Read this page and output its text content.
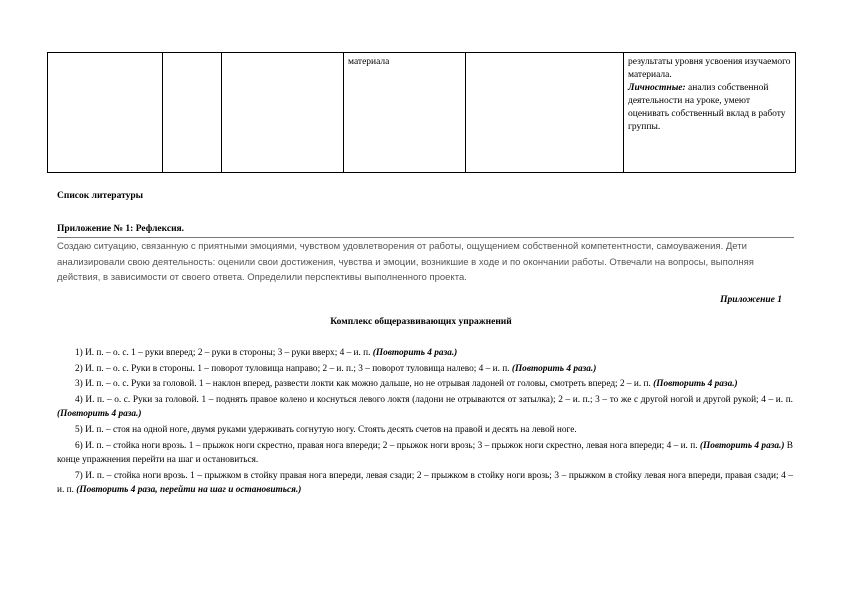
			материала		результаты уровня усвоения изучаемого материала.
Личностные: анализ собственной деятельности на уроке, умеют оценивать собственный вклад в работу группы.
Список литературы
Приложение № 1: Рефлексия.
Создаю ситуацию, связанную с приятными эмоциями, чувством удовлетворения от работы, ощущением собственной компетентности, самоуважения. Дети анализировали свою деятельность: оценили свои достижения, чувства и эмоции, возникшие в ходе и по окончании работы. Отвечали на вопросы, выполняя действия, в зависимости от своего ответа. Определили перспективы выполненного проекта.
Приложение 1
Комплекс общеразвивающих упражнений

1) И. п. – о. с. 1 – руки вперед; 2 – руки в стороны; 3 – руки вверх; 4 – и. п. (Повторить 4 раза.)

2) И. п. – о. с. Руки в стороны. 1 – поворот туловища направо; 2 – и. п.; 3 – поворот туловища налево; 4 – и. п. (Повторить 4 раза.)

3) И. п. – о. с. Руки за головой. 1 – наклон вперед, развести локти как можно дальше, но не отрывая ладоней от головы, смотреть вперед; 2 – и. п. (Повторить 4 раза.)

4) И. п. – о. с. Руки за головой. 1 – поднять правое колено и коснуться левого локтя (ладони не отрываются от затылка); 2 – и. п.; 3 – то же с другой ногой и другой рукой; 4 – и. п. (Повторить 4 раза.)

5) И. п. – стоя на одной ноге, двумя руками удерживать согнутую ногу. Стоять десять счетов на правой и десять на левой ноге.

6) И. п. – стойка ноги врозь. 1 – прыжок ноги скрестно, правая нога впереди; 2 – прыжок ноги врозь; 3 – прыжок ноги скрестно, левая нога впереди; 4 – и. п. (Повторить 4 раза.) В конце упражнения перейти на шаг и остановиться.

7) И. п. – стойка ноги врозь. 1 – прыжком в стойку правая нога впереди, левая сзади; 2 – прыжком в стойку ноги врозь; 3 – прыжком в стойку левая нога впереди, правая сзади; 4 – и. п. (Повторить 4 раза, перейти на шаг и остановиться.)
